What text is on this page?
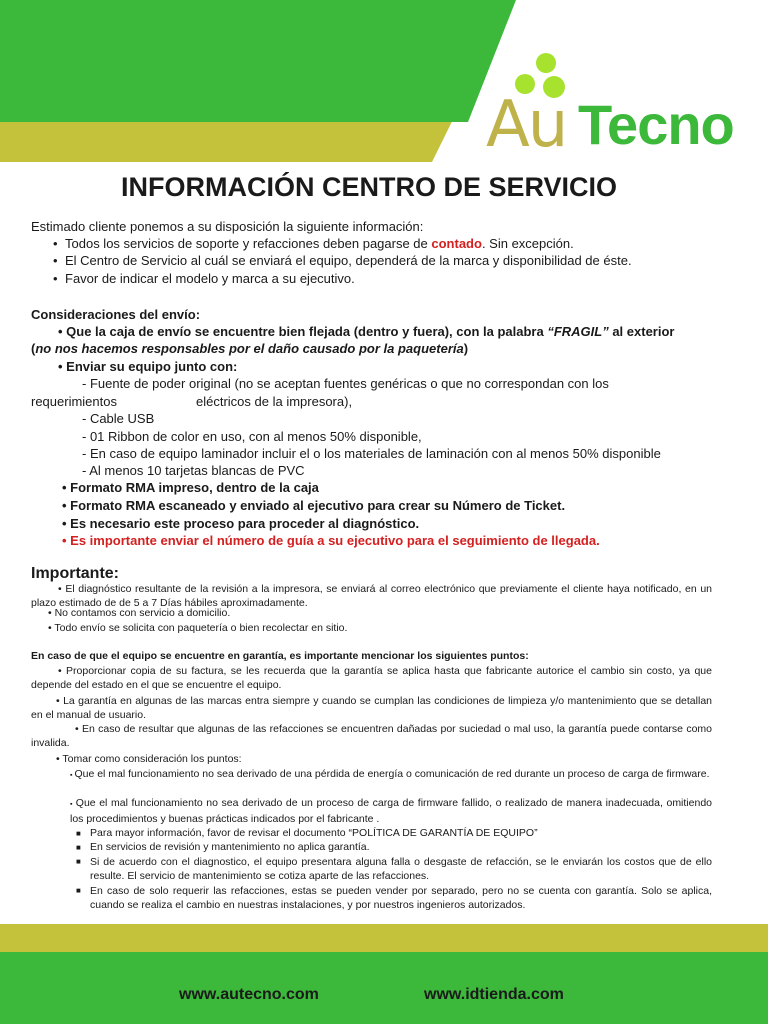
Au Tecno
INFORMACIÓN CENTRO DE SERVICIO
Estimado cliente ponemos a su disposición la siguiente información:
• Todos los servicios de soporte y refacciones deben pagarse de contado. Sin excepción.
• El Centro de Servicio al cuál se enviará el equipo, dependerá de la marca y disponibilidad de éste.
• Favor de indicar el modelo y marca a su ejecutivo.
Consideraciones del envío:
• Que la caja de envío se encuentre bien flejada (dentro y fuera), con la palabra “FRAGIL” al exterior
(no nos hacemos responsables por el daño causado por la paquetería)
• Enviar su equipo junto con:
- Fuente de poder original (no se aceptan fuentes genéricas o que no correspondan con los
requerimientos	eléctricos de la impresora),
- Cable USB
- 01 Ribbon de color en uso, con al menos 50% disponible,
- En caso de equipo laminador incluir el o los materiales de laminación con al menos 50% disponible
- Al menos 10 tarjetas blancas de PVC
• Formato RMA impreso, dentro de la caja
• Formato RMA escaneado y enviado al ejecutivo para crear su Número de Ticket.
• Es necesario este proceso para proceder al diagnóstico.
• Es importante enviar el número de guía a su ejecutivo para el seguimiento de llegada.
Importante:
• El diagnóstico resultante de la revisión a la impresora, se enviará al correo electrónico que previamente el cliente haya notificado, en un plazo estimado de de 5 a 7 Días hábiles aproximadamente.
• No contamos con servicio a domicilio.
• Todo envío se solicita con paquetería o bien recolectar en sitio.
En caso de que el equipo se encuentre en garantía, es importante mencionar los siguientes puntos:
• Proporcionar copia de su factura, se les recuerda que la garantía se aplica hasta que fabricante autorice el cambio sin costo, ya que depende del estado en el que se encuentre el equipo.
• La garantía en algunas de las marcas entra siempre y cuando se cumplan las condiciones de limpieza y/o mantenimiento que se detallan en el manual de usuario.
• En caso de resultar que algunas de las refacciones se encuentren dañadas por suciedad o mal uso, la garantía puede contarse como invalida.
• Tomar como consideración los puntos:
▪ Que el mal funcionamiento no sea derivado de una pérdida de energía o comunicación de red durante un proceso de carga de firmware.
▪ Que el mal funcionamiento no sea derivado de un proceso de carga de firmware fallido, o realizado de manera inadecuada, omitiendo los procedimientos y buenas prácticas indicados por el fabricante .
■ Para mayor información, favor de revisar el documento “POLÍTICA DE GARANTÍA DE EQUIPO”
■ En servicios de revisión y mantenimiento no aplica garantía.
■ Si de acuerdo con el diagnostico, el equipo presentara alguna falla o desgaste de refacción, se le enviarán los costos que de ello resulte. El servicio de mantenimiento se cotiza aparte de las refacciones.
■ En caso de solo requerir las refacciones, estas se pueden vender por separado, pero no se cuenta con garantía. Solo se aplica, cuando se realiza el cambio en nuestras instalaciones, y por nuestros ingenieros autorizados.
www.autecno.com	www.idtienda.com
